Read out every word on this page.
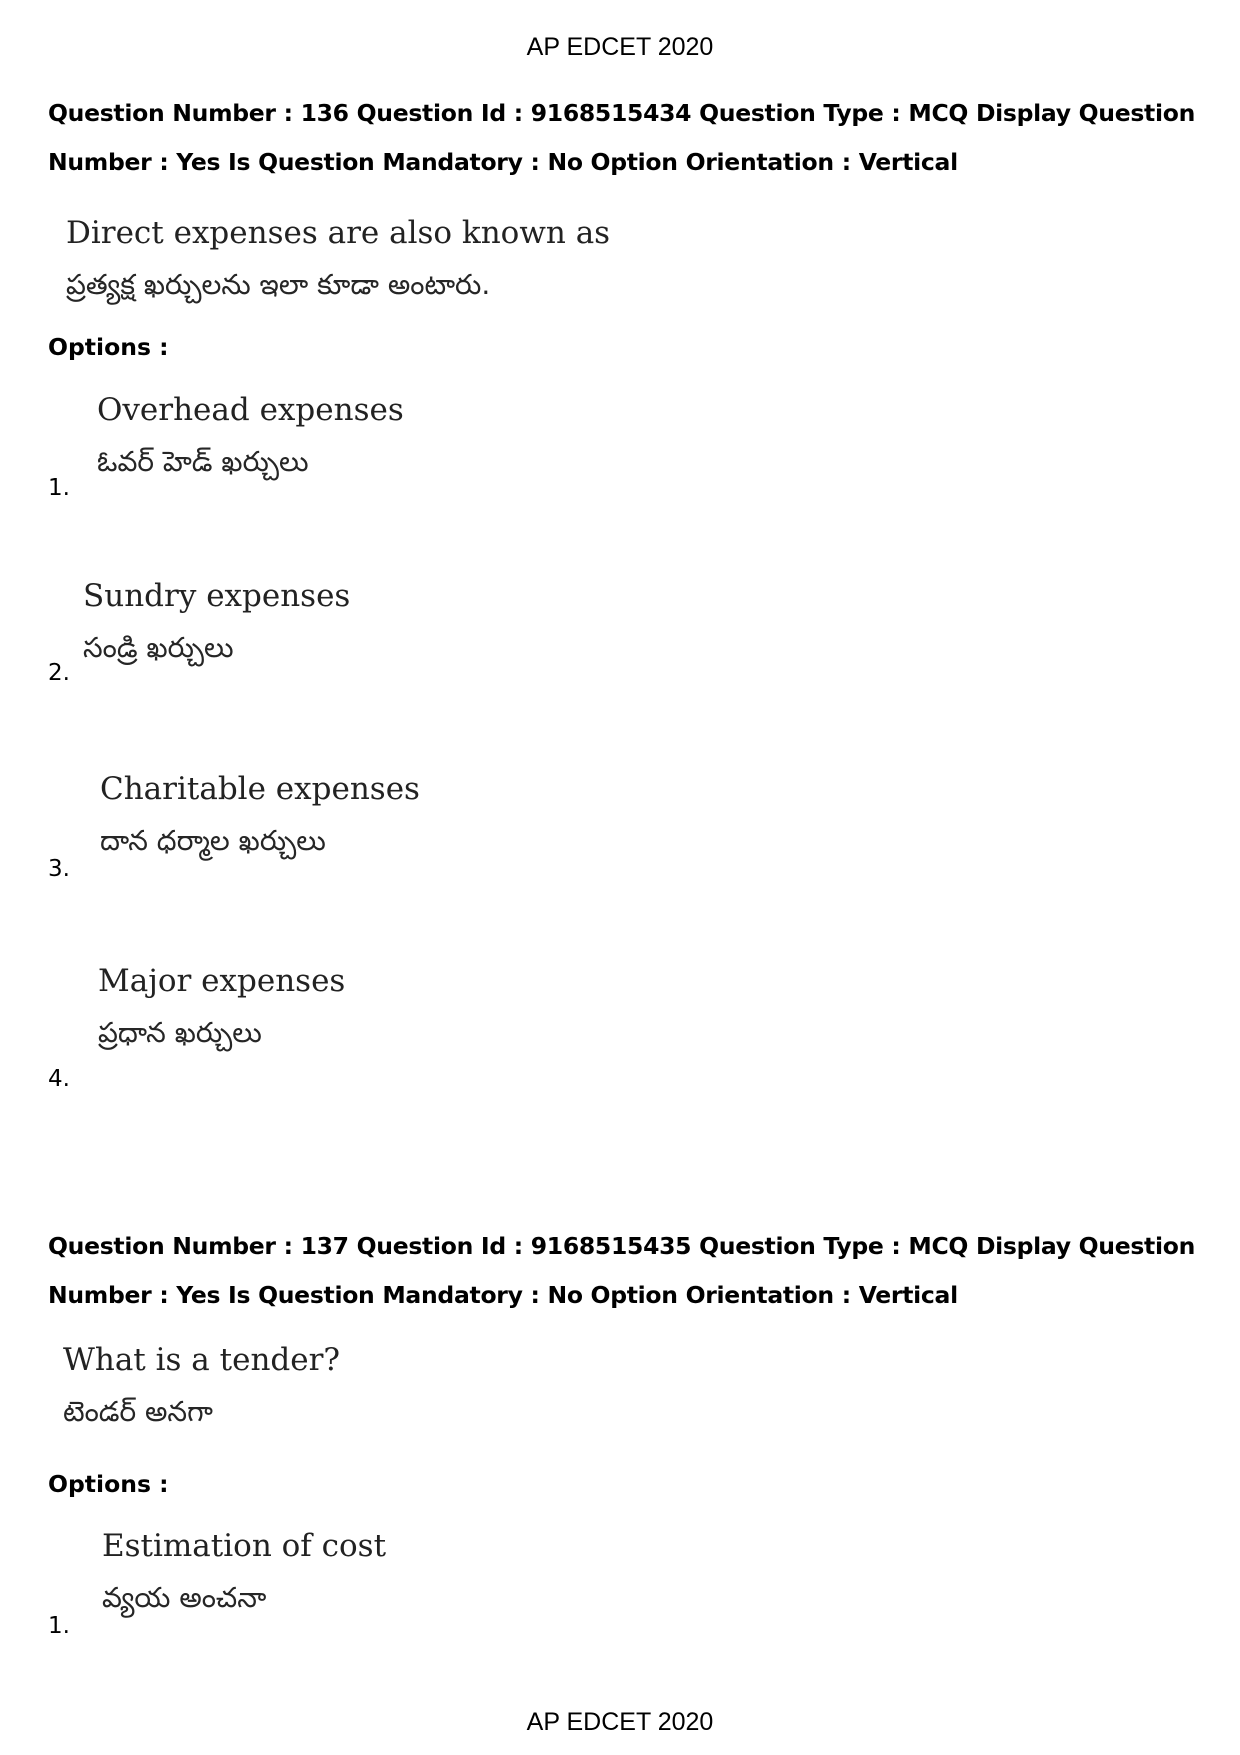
AP EDCET 2020
Question Number : 136 Question Id : 9168515434 Question Type : MCQ Display Question
Number : Yes Is Question Mandatory : No Option Orientation : Vertical
Direct expenses are also known as
ప్రత్యక్ష ఖర్చులను ఇలా కూడా అంటారు.
Options :
Overhead expenses
ఓవర్ హెడ్ ఖర్చులు
1.
Sundry expenses
సండ్రి ఖర్చులు
2.
Charitable expenses
దాన ధర్మాల ఖర్చులు
3.
Major expenses
ప్రధాన ఖర్చులు
4.
Question Number : 137 Question Id : 9168515435 Question Type : MCQ Display Question
Number : Yes Is Question Mandatory : No Option Orientation : Vertical
What is a tender?
టెండర్ అనగా
Options :
Estimation of cost
వ్యయ అంచనా
1.
AP EDCET 2020
